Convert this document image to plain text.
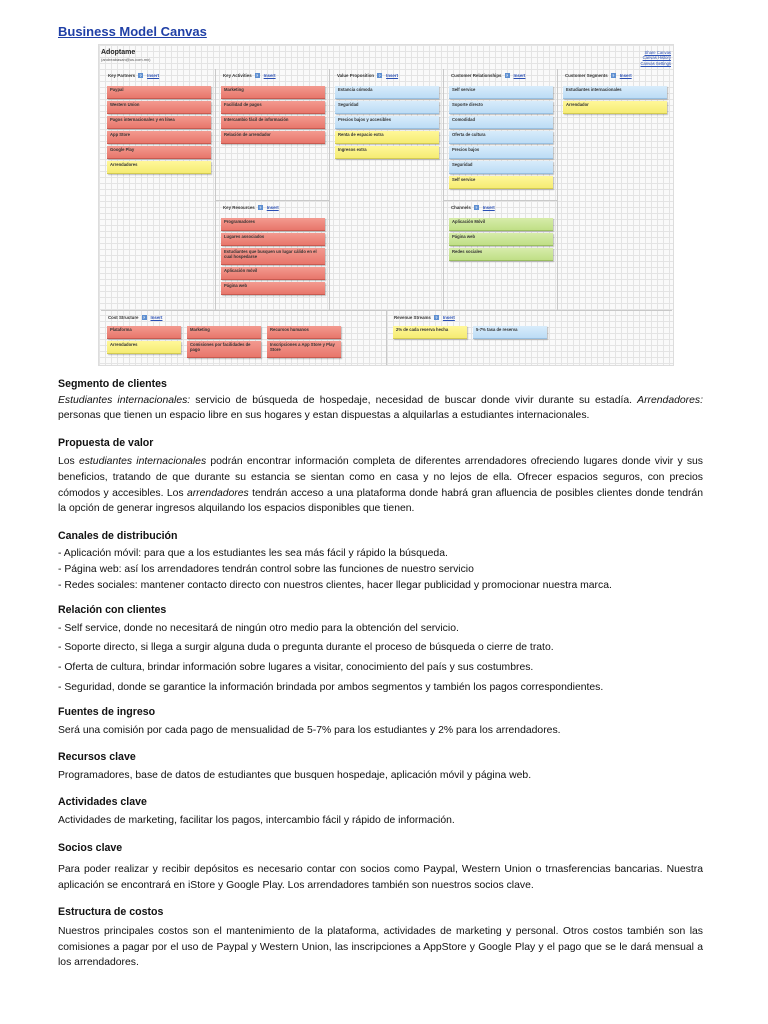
Business Model Canvas
Adoptame
(andreabasan@us.com.mx)
Share Canvas
Canvas History
Canvas Settings
Key Partners ? Insert
Paypal
Western Union
Pagos internacionales y en línea
App Store
Google Play
Arrendadores
Key Activities ? Insert
Marketing
Facilidad de pagos
Intercambio fácil de información
Relación de arrendador
Key Resources ? Insert
Programadores
Lugares associados
Estudiantes que busquen un lugar cálido en el cual hospedarse
Aplicación móvil
Página web
Value Proposition ? Insert
Estancia cómoda
Seguridad
Precios bajos y accesibles
Renta de espacio extra
Ingresos extra
Customer Relationships ? Insert
Self service
Soporte directo
Comodidad
Oferta de cultura
Precios bajos
Seguridad
Self service
Channels ? Insert
Aplicación Móvil
Página web
Redes sociales
Customer Segments ? Insert
Estudiantes internacionales
Arrendador
Cost Structure ? Insert
Plataforma	Marketing	Recursos humanos
Arrendadores	Comisiones por facilidades de pago
Inscripciones a App Store y Play Store
Revenue Streams ? Insert
2% de cada reserva hecha	5-7% tasa de reserva
Segmento de clientes
Estudiantes internacionales: servicio de búsqueda de hospedaje, necesidad de buscar donde vivir durante su estadía. Arrendadores: personas que tienen un espacio libre en sus hogares y estan dispuestas a alquilarlas a estudiantes internacionales.
Propuesta de valor
Los estudiantes internacionales podrán encontrar información completa de diferentes arrendadores ofreciendo lugares donde vivir y sus beneficios, tratando de que durante su estancia se sientan como en casa y no lejos de ella. Ofrecer espacios seguros, con precios cómodos y accesibles. Los arrendadores tendrán acceso a una plataforma donde habrá gran afluencia de posibles clientes donde tendrán la opción de generar ingresos alquilando los espacios disponibles que tienen.
Canales de distribución
- Aplicación móvil: para que a los estudiantes les sea más fácil y rápido la búsqueda.
- Página web: así los arrendadores tendrán control sobre las funciones de nuestro servicio
- Redes sociales: mantener contacto directo con nuestros clientes, hacer llegar publicidad y promocionar nuestra marca.
Relación con clientes
- Self service, donde no necesitará de ningún otro medio para la obtención del servicio.
- Soporte directo, si llega a surgir alguna duda o pregunta durante el proceso de búsqueda o cierre de trato.
- Oferta de cultura, brindar información sobre lugares a visitar, conocimiento del país y sus costumbres.
- Seguridad, donde se garantice la información brindada por ambos segmentos y también los pagos correspondientes.
Fuentes de ingreso
Será una comisión por cada pago de mensualidad de 5-7% para los estudiantes y 2% para los arrendadores.
Recursos clave
Programadores, base de datos de estudiantes que busquen hospedaje, aplicación móvil y página web.
Actividades clave
Actividades de marketing, facilitar los pagos, intercambio fácil y rápido de información.
Socios clave
Para poder realizar y recibir depósitos es necesario contar con socios como Paypal, Western Union o trnasferencias bancarias. Nuestra aplicación se encontrará en iStore y Google Play. Los arrendadores también son nuestros socios clave.
Estructura de costos
Nuestros principales costos son el mantenimiento de la plataforma, actividades de marketing y personal. Otros costos también son las comisiones a pagar por el uso de Paypal y Western Union, las inscripciones a AppStore y Google Play y el pago que se le dará mensual a los arrendadores.
